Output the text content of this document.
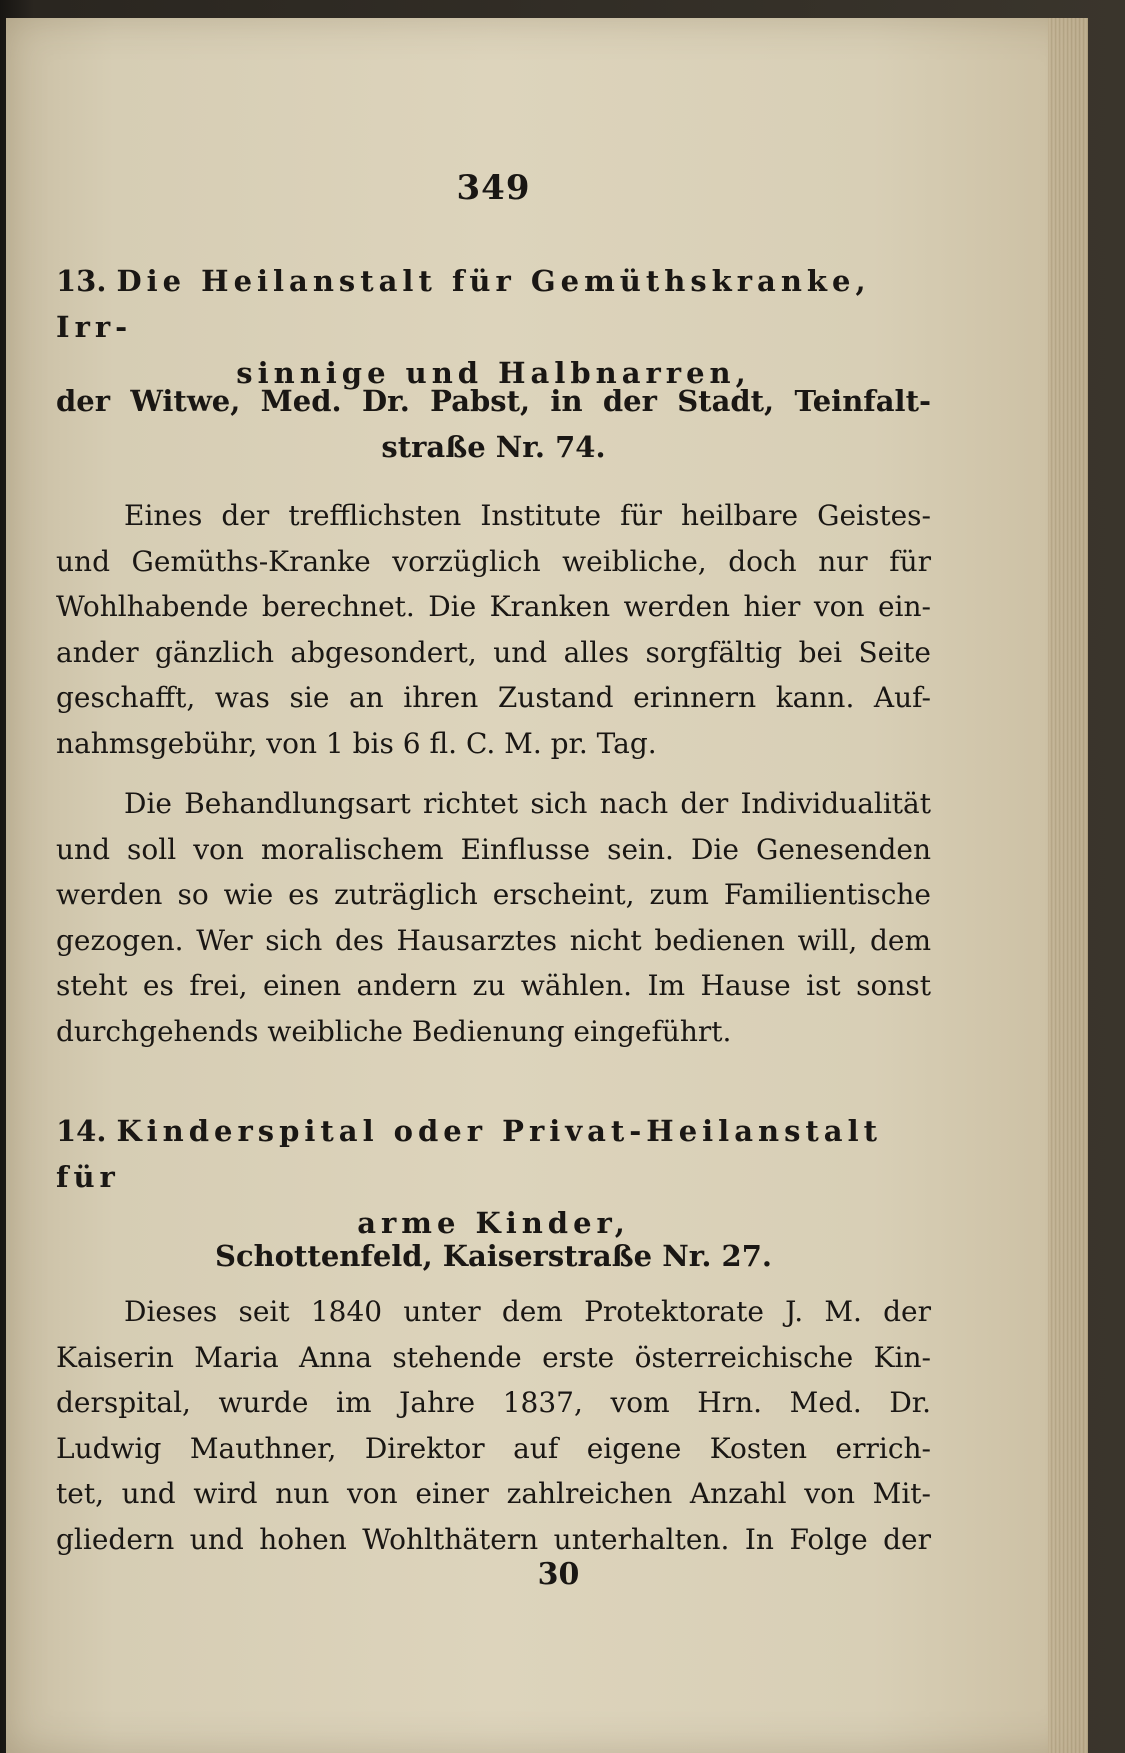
349
13. Die Heilanstalt für Gemüthskranke, Irr-
sinnige und Halbnarren,
der Witwe, Med. Dr. Pabst, in der Stadt, Teinfalt-
straße Nr. 74.
Eines der trefflichsten Institute für heilbare Geistes-
und Gemüths-Kranke vorzüglich weibliche, doch nur für
Wohlhabende berechnet. Die Kranken werden hier von ein-
ander gänzlich abgesondert, und alles sorgfältig bei Seite
geschafft, was sie an ihren Zustand erinnern kann. Auf-
nahmsgebühr, von 1 bis 6 fl. C. M. pr. Tag.
Die Behandlungsart richtet sich nach der Individualität
und soll von moralischem Einflusse sein. Die Genesenden
werden so wie es zuträglich erscheint, zum Familientische
gezogen. Wer sich des Hausarztes nicht bedienen will, dem
steht es frei, einen andern zu wählen. Im Hause ist sonst
durchgehends weibliche Bedienung eingeführt.
14. Kinderspital oder Privat-Heilanstalt für
arme Kinder,
Schottenfeld, Kaiserstraße Nr. 27.
Dieses seit 1840 unter dem Protektorate J. M. der
Kaiserin Maria Anna stehende erste österreichische Kin-
derspital, wurde im Jahre 1837, vom Hrn. Med. Dr.
Ludwig Mauthner, Direktor auf eigene Kosten errich-
tet, und wird nun von einer zahlreichen Anzahl von Mit-
gliedern und hohen Wohlthätern unterhalten. In Folge der
30
